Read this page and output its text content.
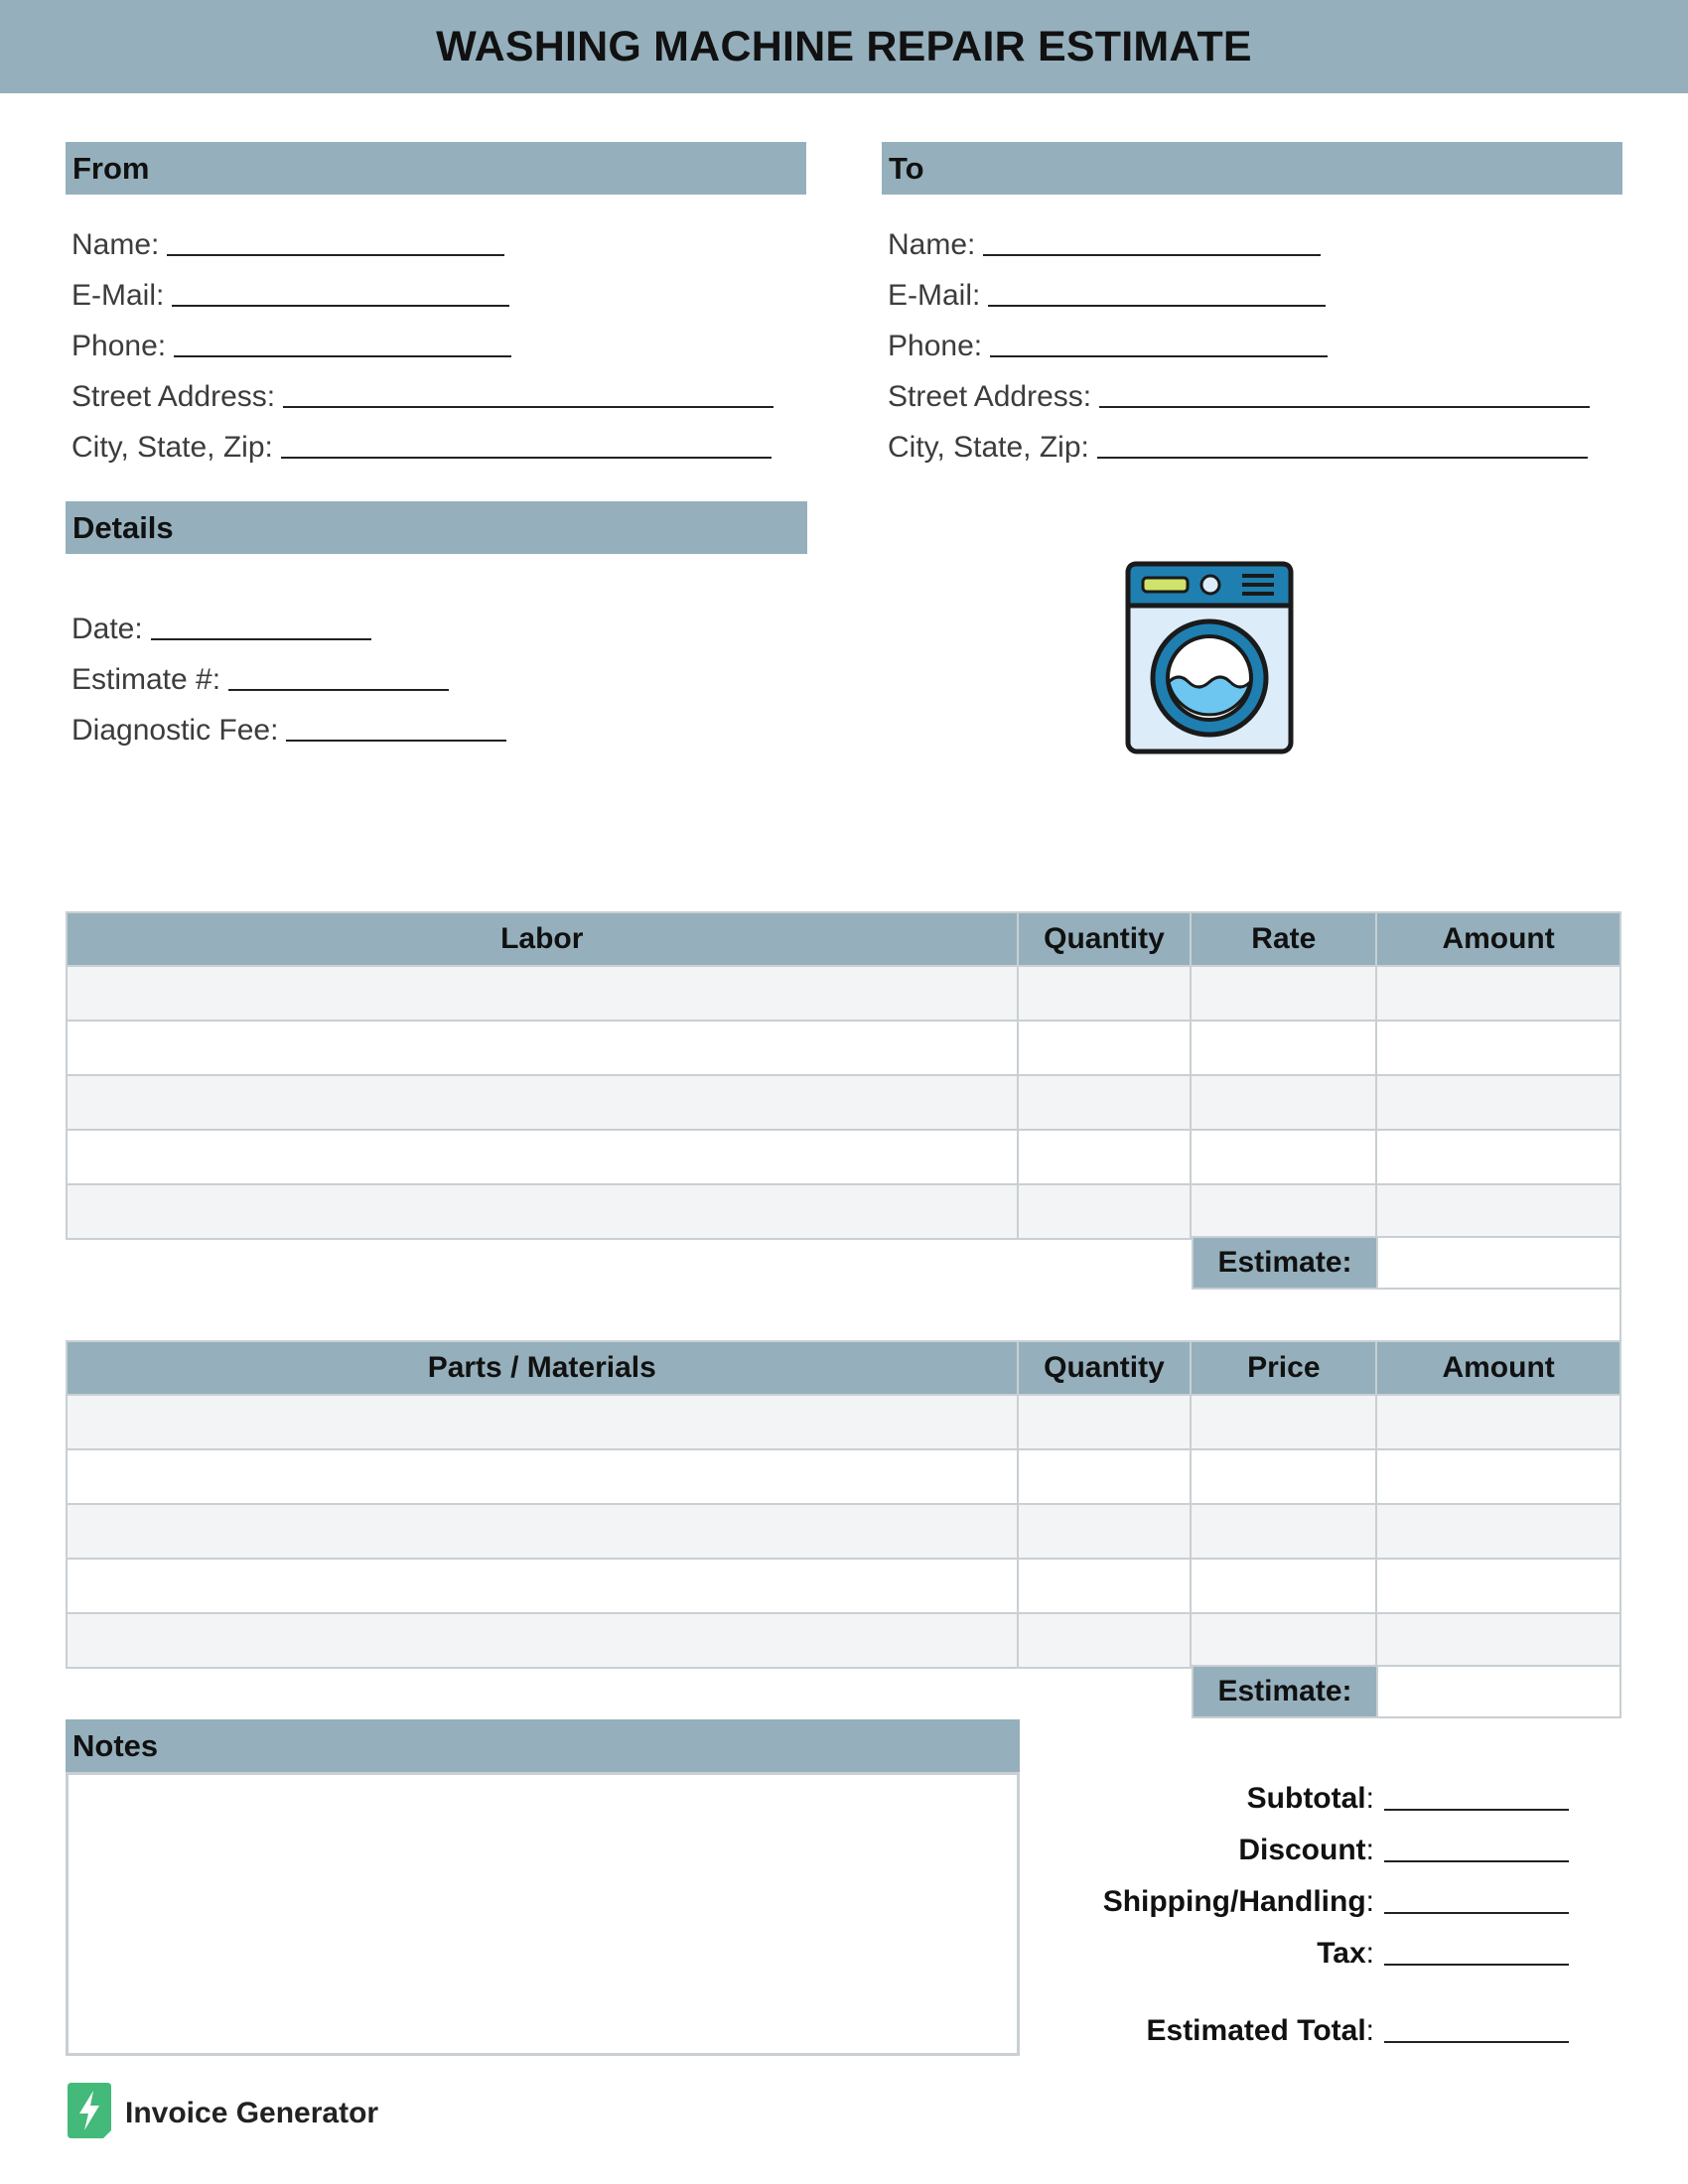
WASHING MACHINE REPAIR ESTIMATE
From
Name:
E-Mail:
Phone:
Street Address:
City, State, Zip:
To
Name:
E-Mail:
Phone:
Street Address:
City, State, Zip:
Details
Date:
Estimate #:
Diagnostic Fee:
Labor	Quantity	Rate	Amount

Estimate:
Parts / Materials	Quantity	Price	Amount

Estimate:
Notes
Subtotal :
Discount :
Shipping/Handling :
Tax :
Estimated Total :
Invoice Generator
